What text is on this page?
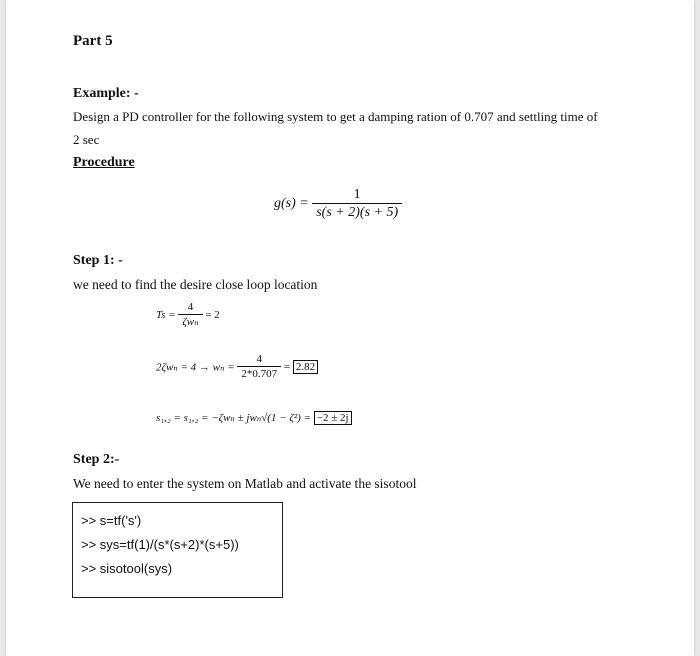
Part 5
Example: -
Design a PD controller for the following system to get a damping ration of 0.707 and settling time of
2 sec
Procedure
$g(s) = \frac{1}{s(s + 2)(s + 5)}$
Step 1: -
we need to find the desire close loop location
$Ts = \frac{4}{\text{ζwₙ}} = 2$
$2\zeta w_n = 4 \to w_n = \frac{4}{2*0.707} = 2.82$
s₁,₂ = s₁,₂ = −ζwₙ ± jwₙ√(1 − ζ²) = −2 ± 2j
Step 2:-
We need to enter the system on Matlab and activate the sisotool
>> s=tf('s')
>> sys=tf(1)/(s*(s+2)*(s+5))
>> sisotool(sys)
